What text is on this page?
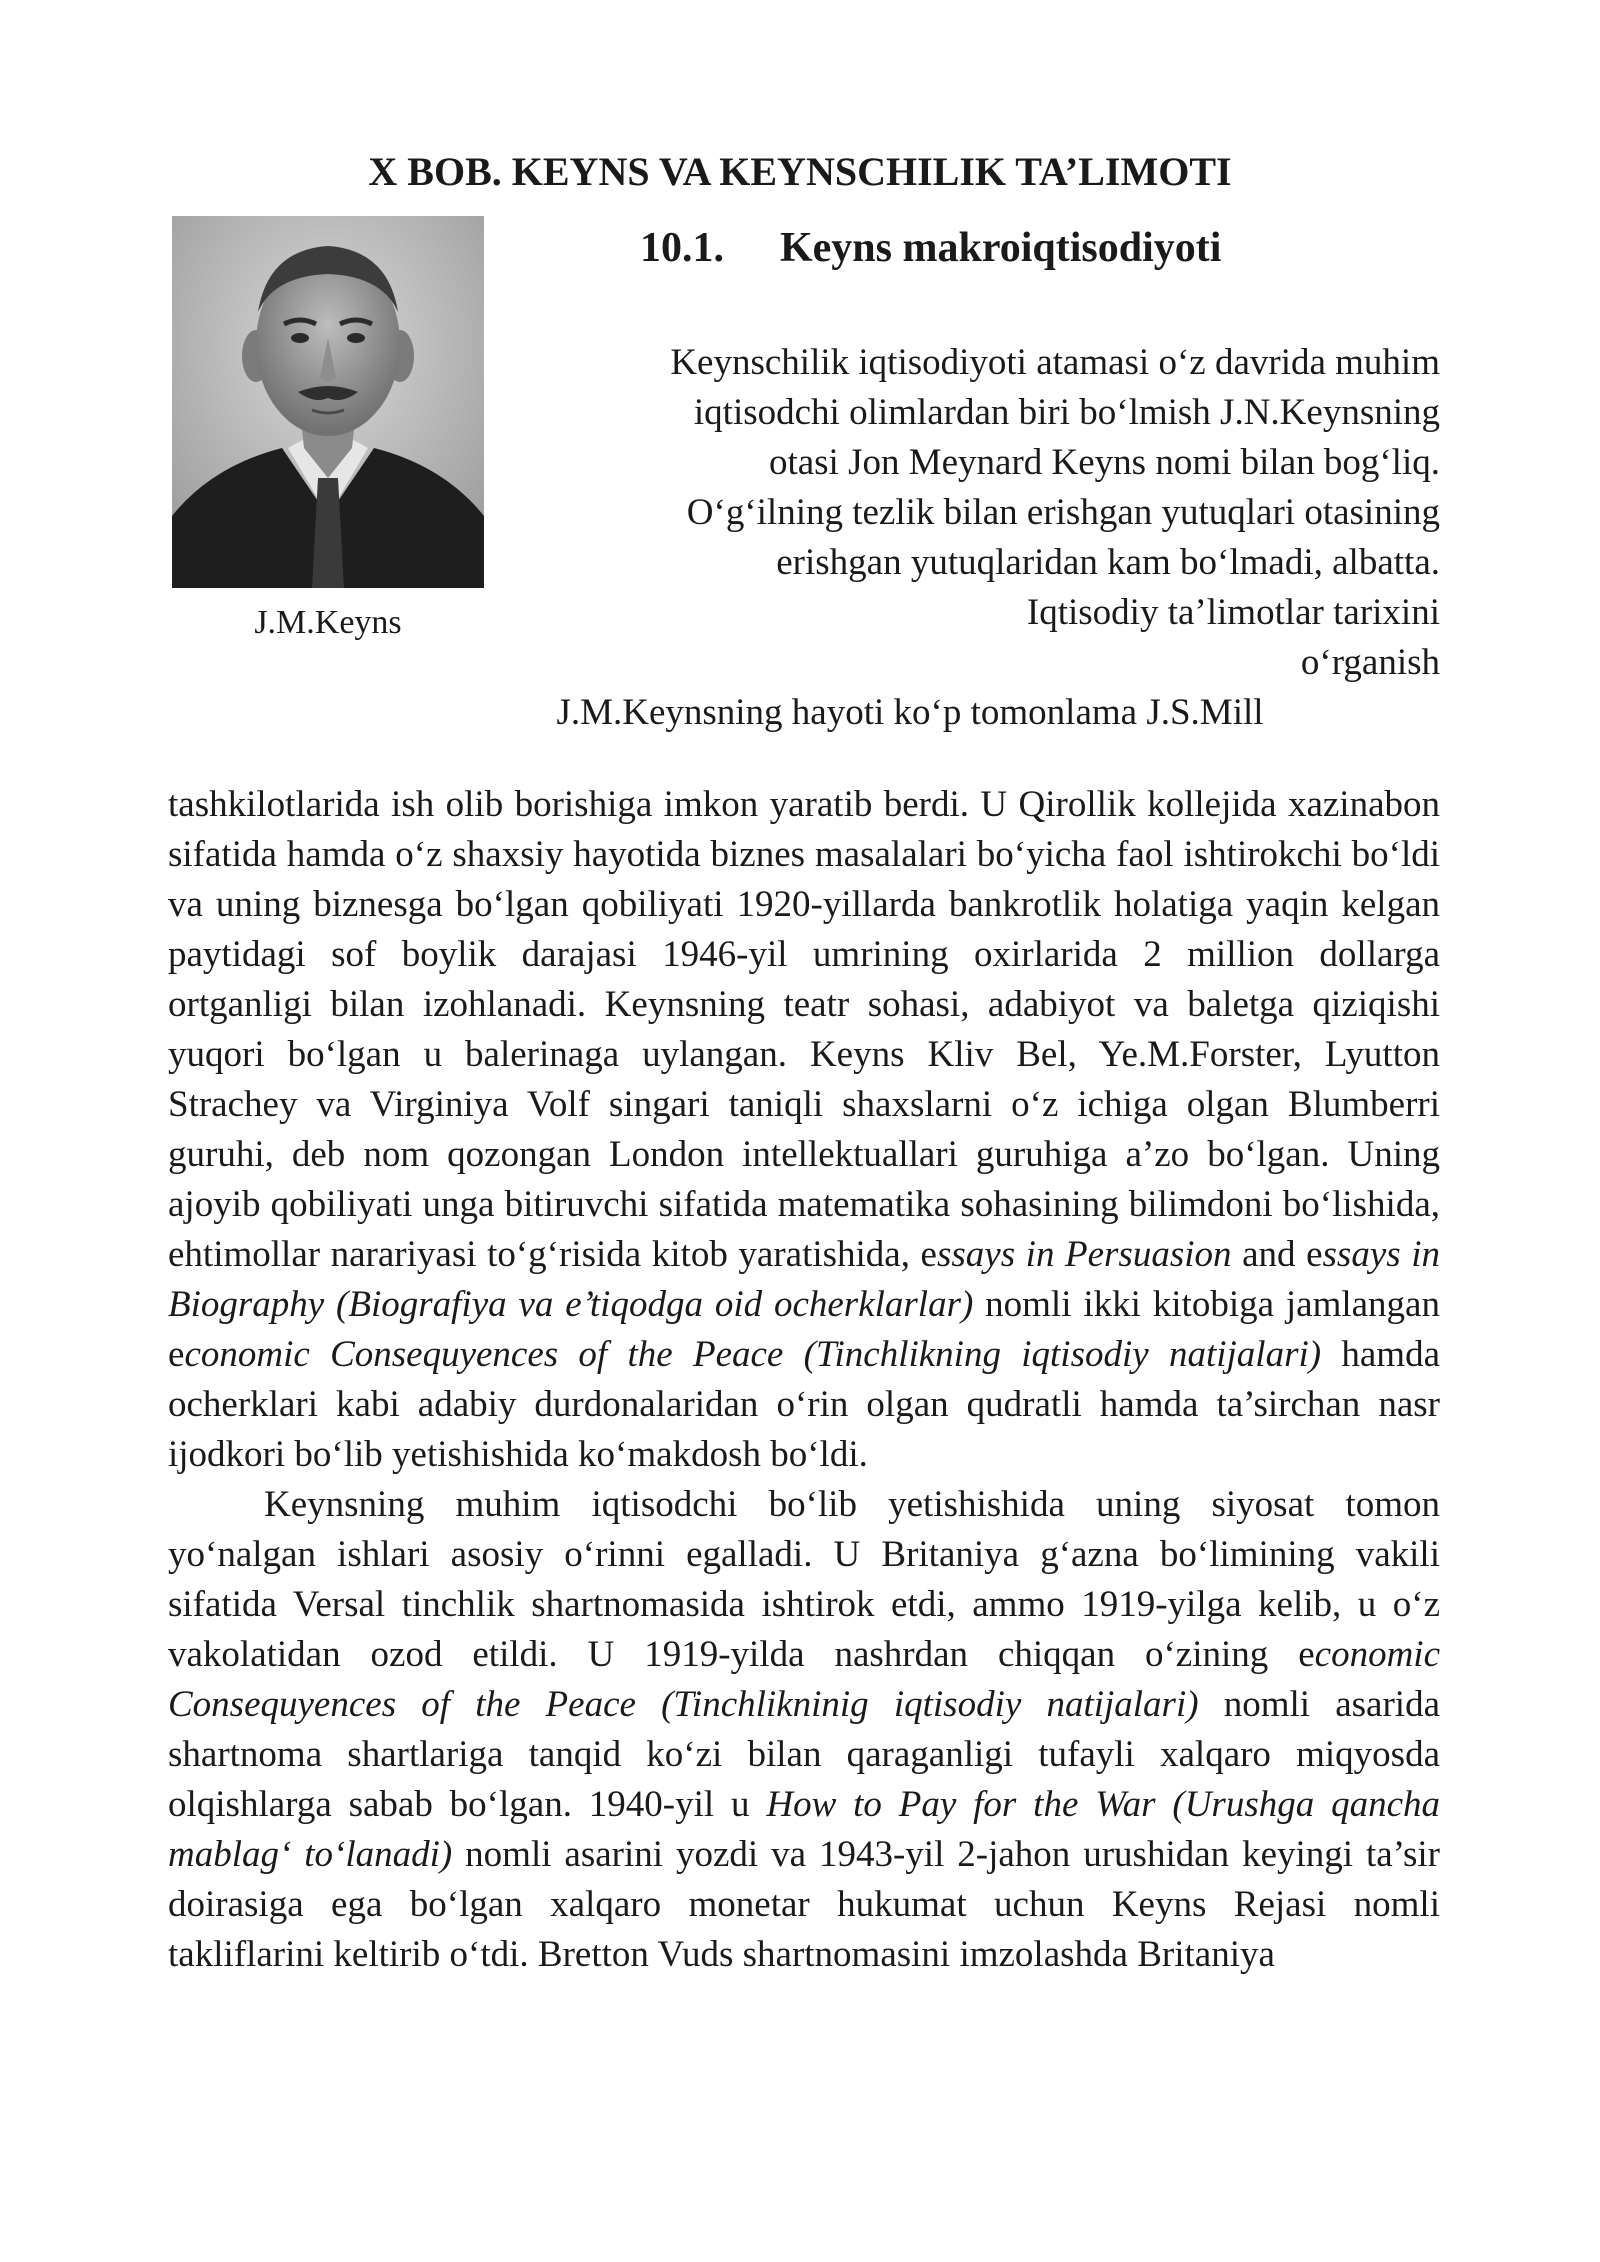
X BOB. KEYNS VA KEYNSCHILIK TA’LIMOTI
J.M.Keyns
10.1. Keyns makroiqtisodiyoti
Keynschilik iqtisodiyoti atamasi o‘z davrida muhim
iqtisodchi olimlardan biri bo‘lmish J.N.Keynsning
otasi Jon Meynard Keyns nomi bilan bog‘liq.
O‘g‘ilning tezlik bilan erishgan yutuqlari otasining
erishgan yutuqlaridan kam bo‘lmadi, albatta.
Iqtisodiy ta’limotlar tarixini
o‘rganish
J.M.Keynsning hayoti ko‘p tomonlama J.S.Mill

tashkilotlarida ish olib borishiga imkon yaratib berdi. U Qirollik kollejida xazinabon sifatida hamda o‘z shaxsiy hayotida biznes masalalari bo‘yicha faol ishtirokchi bo‘ldi va uning biznesga bo‘lgan qobiliyati 1920-yillarda bankrotlik holatiga yaqin kelgan paytidagi sof boylik darajasi 1946-yil umrining oxirlarida 2 million dollarga ortganligi bilan izohlanadi. Keynsning teatr sohasi, adabiyot va baletga qiziqishi yuqori bo‘lgan u balerinaga uylangan. Keyns Kliv Bel, Ye.M.Forster, Lyutton Strachey va Virginiya Volf singari taniqli shaxslarni o‘z ichiga olgan Blumberri guruhi, deb nom qozongan London intellektuallari guruhiga a’zo bo‘lgan. Uning ajoyib qobiliyati unga bitiruvchi sifatida matematika sohasining bilimdoni bo‘lishida, ehtimollar narariyasi to‘g‘risida kitob yaratishida, essays in Persuasion and essays in Biography (Biografiya va e’tiqodga oid ocherklarlar) nomli ikki kitobiga jamlangan economic Consequyences of the Peace (Tinchlikning iqtisodiy natijalari) hamda ocherklari kabi adabiy durdonalaridan o‘rin olgan qudratli hamda ta’sirchan nasr ijodkori bo‘lib yetishishida ko‘makdosh bo‘ldi.

Keynsning muhim iqtisodchi bo‘lib yetishishida uning siyosat tomon yo‘nalgan ishlari asosiy o‘rinni egalladi. U Britaniya g‘azna bo‘limining vakili sifatida Versal tinchlik shartnomasida ishtirok etdi, ammo 1919-yilga kelib, u o‘z vakolatidan ozod etildi. U 1919-yilda nashrdan chiqqan o‘zining economic Consequyences of the Peace (Tinchlikninig iqtisodiy natijalari) nomli asarida shartnoma shartlariga tanqid ko‘zi bilan qaraganligi tufayli xalqaro miqyosda olqishlarga sabab bo‘lgan. 1940-yil u How to Pay for the War (Urushga qancha mablag‘ to‘lanadi) nomli asarini yozdi va 1943-yil 2-jahon urushidan keyingi ta’sir doirasiga ega bo‘lgan xalqaro monetar hukumat uchun Keyns Rejasi nomli takliflarini keltirib o‘tdi. Bretton Vuds shartnomasini imzolashda Britaniya
